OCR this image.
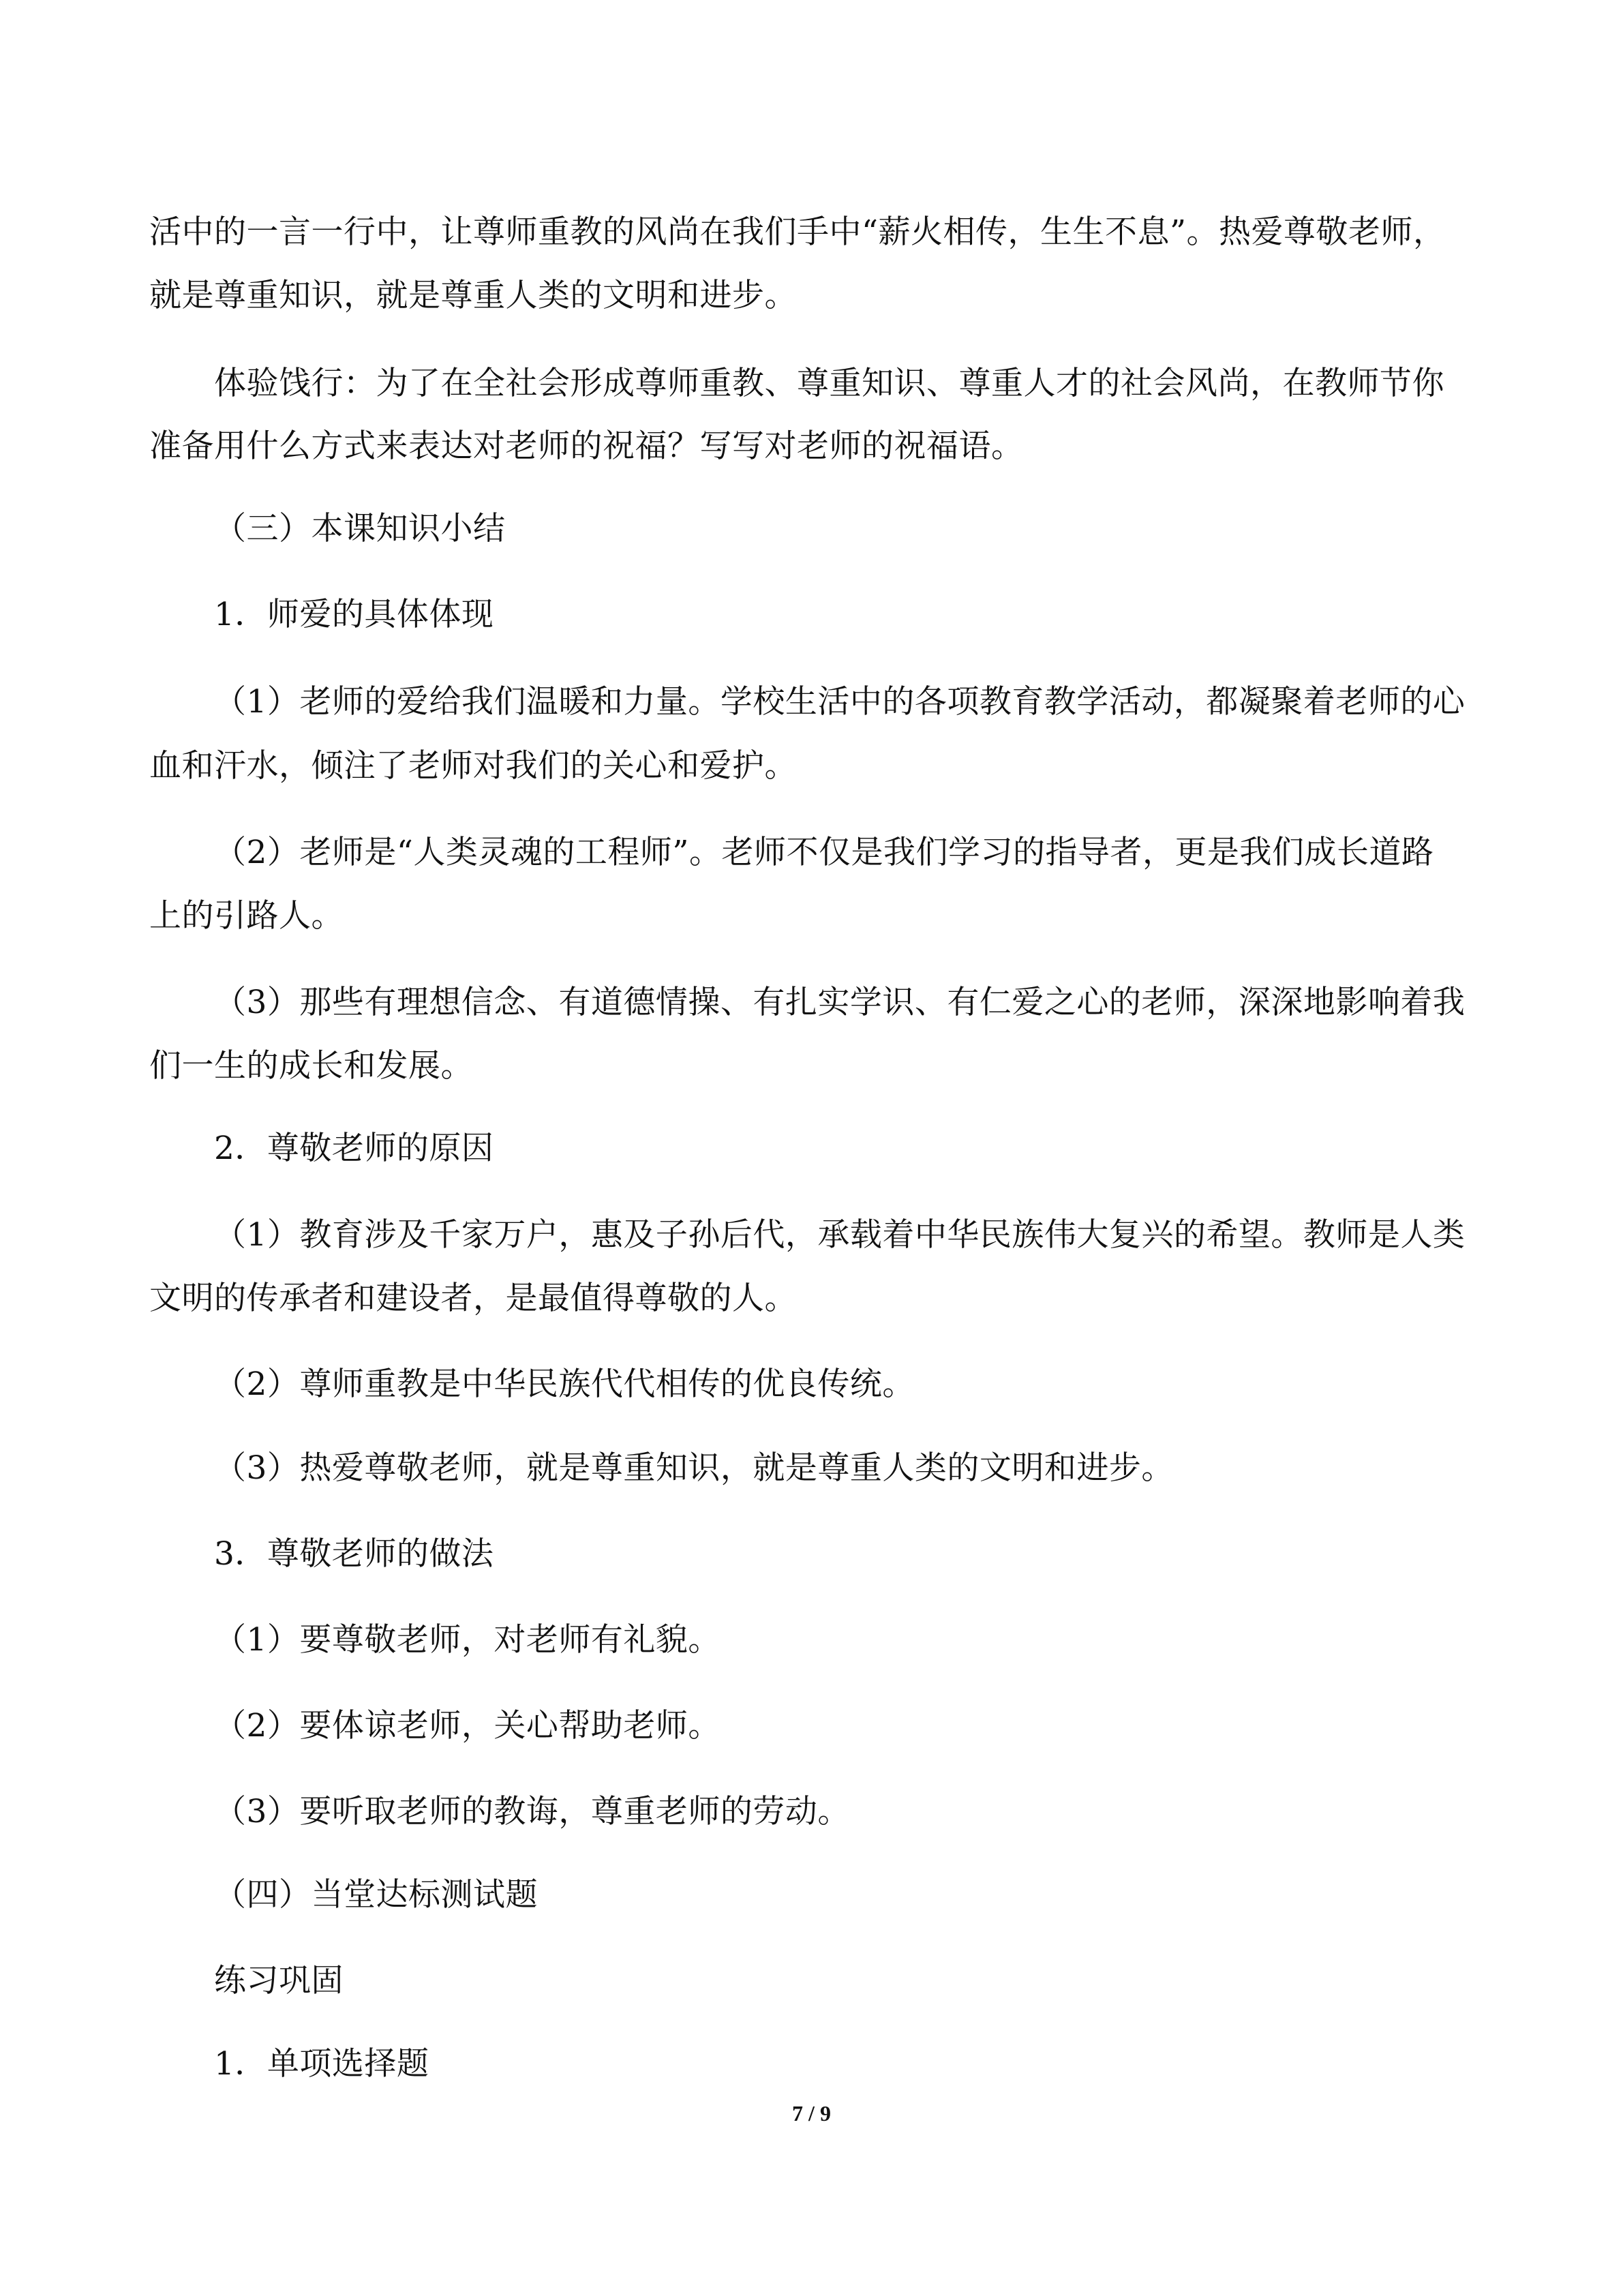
活中的一言一行中，让尊师重教的风尚在我们手中“薪火相传，生生不息”。热爱尊敬老师，
就是尊重知识，就是尊重人类的文明和进步。
体验饯行：为了在全社会形成尊师重教、尊重知识、尊重人才的社会风尚，在教师节你
准备用什么方式来表达对老师的祝福？写写对老师的祝福语。
（三）本课知识小结
1．师爱的具体体现
（1）老师的爱给我们温暖和力量。学校生活中的各项教育教学活动，都凝聚着老师的心
血和汗水，倾注了老师对我们的关心和爱护。
（2）老师是“人类灵魂的工程师”。老师不仅是我们学习的指导者，更是我们成长道路
上的引路人。
（3）那些有理想信念、有道德情操、有扎实学识、有仁爱之心的老师，深深地影响着我
们一生的成长和发展。
2．尊敬老师的原因
（1）教育涉及千家万户，惠及子孙后代，承载着中华民族伟大复兴的希望。教师是人类
文明的传承者和建设者，是最值得尊敬的人。
（2）尊师重教是中华民族代代相传的优良传统。
（3）热爱尊敬老师，就是尊重知识，就是尊重人类的文明和进步。
3．尊敬老师的做法
（1）要尊敬老师，对老师有礼貌。
（2）要体谅老师，关心帮助老师。
（3）要听取老师的教诲，尊重老师的劳动。
（四）当堂达标测试题
练习巩固
1．单项选择题
7 / 9
